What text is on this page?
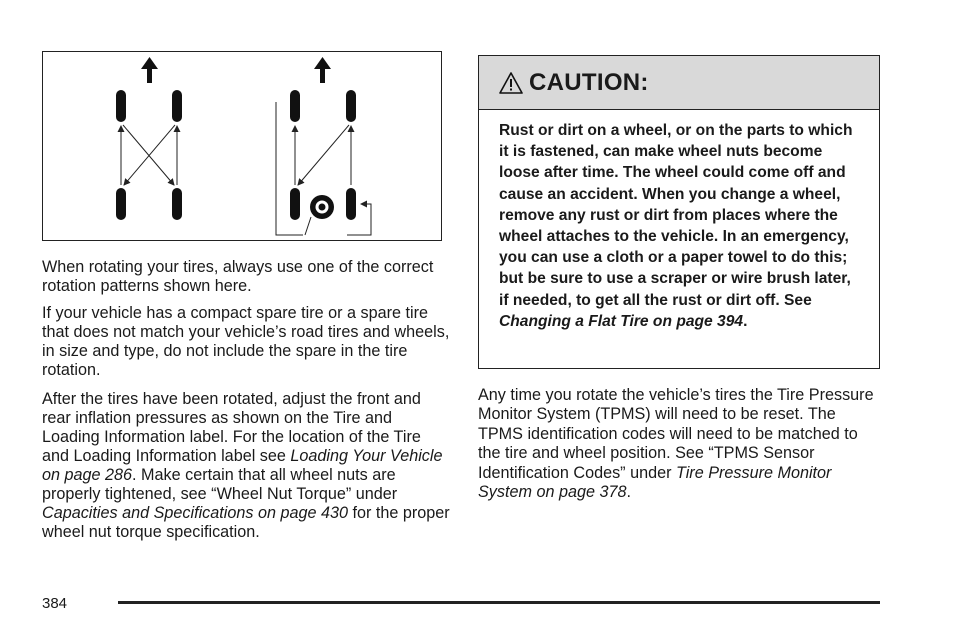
When rotating your tires, always use one of the correct rotation patterns shown here.

If your vehicle has a compact spare tire or a spare tire that does not match your vehicle’s road tires and wheels, in size and type, do not include the spare in the tire rotation.

After the tires have been rotated, adjust the front and rear inflation pressures as shown on the Tire and Loading Information label. For the location of the Tire and Loading Information label see Loading Your Vehicle on page 286. Make certain that all wheel nuts are properly tightened, see “Wheel Nut Torque” under Capacities and Specifications on page 430 for the proper wheel nut torque specification.

CAUTION:

Rust or dirt on a wheel, or on the parts to which it is fastened, can make wheel nuts become loose after time. The wheel could come off and cause an accident. When you change a wheel, remove any rust or dirt from places where the wheel attaches to the vehicle. In an emergency, you can use a cloth or a paper towel to do this; but be sure to use a scraper or wire brush later, if needed, to get all the rust or dirt off. See Changing a Flat Tire on page 394.

Any time you rotate the vehicle’s tires the Tire Pressure Monitor System (TPMS) will need to be reset. The TPMS identification codes will need to be matched to the tire and wheel position. See “TPMS Sensor Identification Codes” under Tire Pressure Monitor System on page 378.

384
